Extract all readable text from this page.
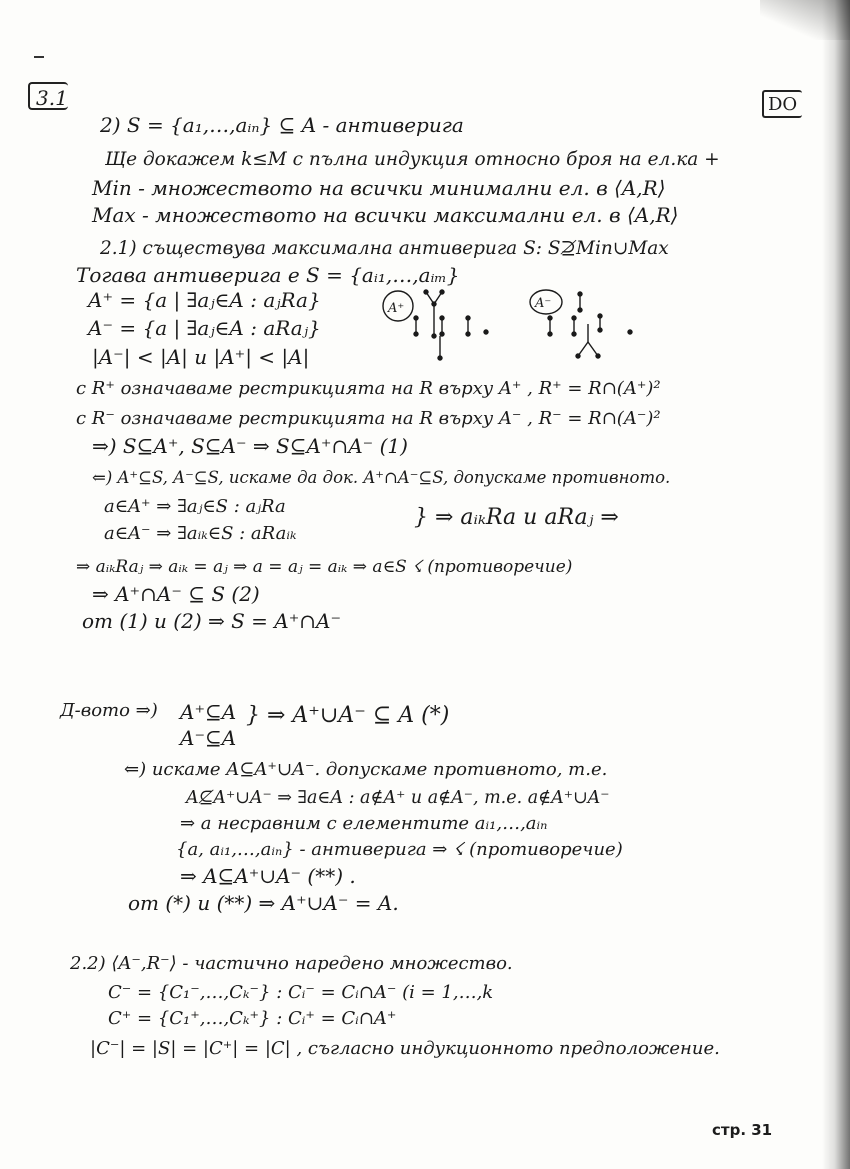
3.1	DO
2) S = {a₁,…,aᵢₙ} ⊆ A - антиверига
Ще докажем k≤M с пълна индукция относно броя на ел.ка +
Min - множеството на всички минимални ел. в ⟨A,R⟩
Max - множеството на всички максимални ел. в ⟨A,R⟩
2.1) съществува максимална антиверига S: S⊉Min∪Max
Тогава антиверига е S = {aᵢ₁,…,aᵢₘ}
A⁺ = {a | ∃aⱼ∈A : aⱼRa}
A⁻ = {a | ∃aⱼ∈A : aRaⱼ}
|A⁻| < |A| и |A⁺| < |A|
A⁺	A⁻
с R⁺ означаваме рестрикцията на R върху A⁺ , R⁺ = R∩(A⁺)²
с R⁻ означаваме рестрикцията на R върху A⁻ , R⁻ = R∩(A⁻)²
⇒) S⊆A⁺, S⊆A⁻ ⇒ S⊆A⁺∩A⁻ (1)
⇐) A⁺⊆S, A⁻⊆S, искаме да док. A⁺∩A⁻⊆S, допускаме противното.
a∈A⁺ ⇒ ∃aⱼ∈S : aⱼRa
a∈A⁻ ⇒ ∃aᵢₖ∈S : aRaᵢₖ
} ⇒ aᵢₖRa и aRaⱼ ⇒
⇒ aᵢₖRaⱼ ⇒ aᵢₖ = aⱼ ⇒ a = aⱼ = aᵢₖ ⇒ a∈S ☇ (противоречие)
⇒ A⁺∩A⁻ ⊆ S (2)
от (1) и (2) ⇒ S = A⁺∩A⁻
Д-вото ⇒) A⁺⊆A
A⁻⊆A
} ⇒ A⁺∪A⁻ ⊆ A (*)
⇐) искаме A⊆A⁺∪A⁻. допускаме противното, т.е.
A⊈A⁺∪A⁻ ⇒ ∃a∈A : a∉A⁺ и a∉A⁻, т.е. a∉A⁺∪A⁻
⇒ a несравним с елементите aᵢ₁,…,aᵢₙ
{a, aᵢ₁,…,aᵢₙ} - антиверига ⇒ ☇ (противоречие)
⇒ A⊆A⁺∪A⁻ (**) .
от (*) и (**) ⇒ A⁺∪A⁻ = A.
2.2) ⟨A⁻,R⁻⟩ - частично наредено множество.
C⁻ = {C₁⁻,…,Cₖ⁻} : Cᵢ⁻ = Cᵢ∩A⁻ (i = 1,…,k
C⁺ = {C₁⁺,…,Cₖ⁺} : Cᵢ⁺ = Cᵢ∩A⁺
|C⁻| = |S| = |C⁺| = |C| , съгласно индукционното предположение.
стр. 31
